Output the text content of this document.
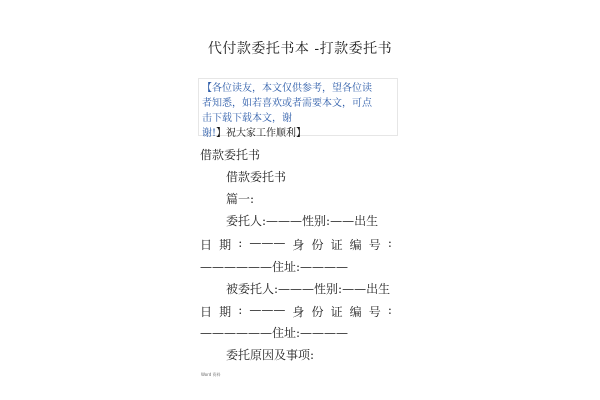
代付款委托书本 -打款委托书
【各位读友，本文仅供参考，望各位读
者知悉，如若喜欢或者需要本文，可点
击下载下载本文，谢谢!】祝大家工作顺利】
借款委托书
借款委托书
篇一:
委托人:———性别:——出生
日 期 : ——— 身 份 证 编 号 :
——————住址:————
被委托人:———性别:——出生
日 期 : ——— 身 份 证 编 号 :
——————住址:————
委托原因及事项:
Word 资料
